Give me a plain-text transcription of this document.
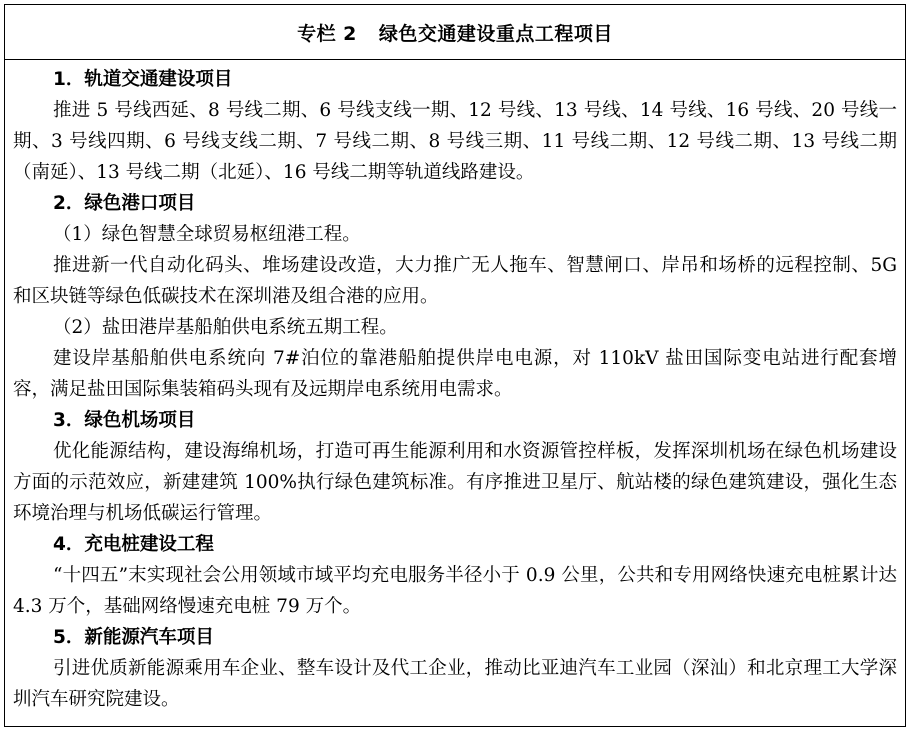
专栏 2 绿色交通建设重点工程项目
1．轨道交通建设项目
推进 5 号线西延、8 号线二期、6 号线支线一期、12 号线、13 号线、14 号线、16 号线、20 号线一期、3 号线四期、6 号线支线二期、7 号线二期、8 号线三期、11 号线二期、12 号线二期、13 号线二期（南延）、13 号线二期（北延）、16 号线二期等轨道线路建设。
2．绿色港口项目
（1）绿色智慧全球贸易枢纽港工程。
推进新一代自动化码头、堆场建设改造，大力推广无人拖车、智慧闸口、岸吊和场桥的远程控制、5G 和区块链等绿色低碳技术在深圳港及组合港的应用。
（2）盐田港岸基船舶供电系统五期工程。
建设岸基船舶供电系统向 7#泊位的靠港船舶提供岸电电源，对 110kV 盐田国际变电站进行配套增容，满足盐田国际集装箱码头现有及远期岸电系统用电需求。
3．绿色机场项目
优化能源结构，建设海绵机场，打造可再生能源利用和水资源管控样板，发挥深圳机场在绿色机场建设方面的示范效应，新建建筑 100%执行绿色建筑标准。有序推进卫星厅、航站楼的绿色建筑建设，强化生态环境治理与机场低碳运行管理。
4．充电桩建设工程
“十四五”末实现社会公用领域市域平均充电服务半径小于 0.9 公里，公共和专用网络快速充电桩累计达 4.3 万个，基础网络慢速充电桩 79 万个。
5．新能源汽车项目
引进优质新能源乘用车企业、整车设计及代工企业，推动比亚迪汽车工业园（深汕）和北京理工大学深圳汽车研究院建设。
